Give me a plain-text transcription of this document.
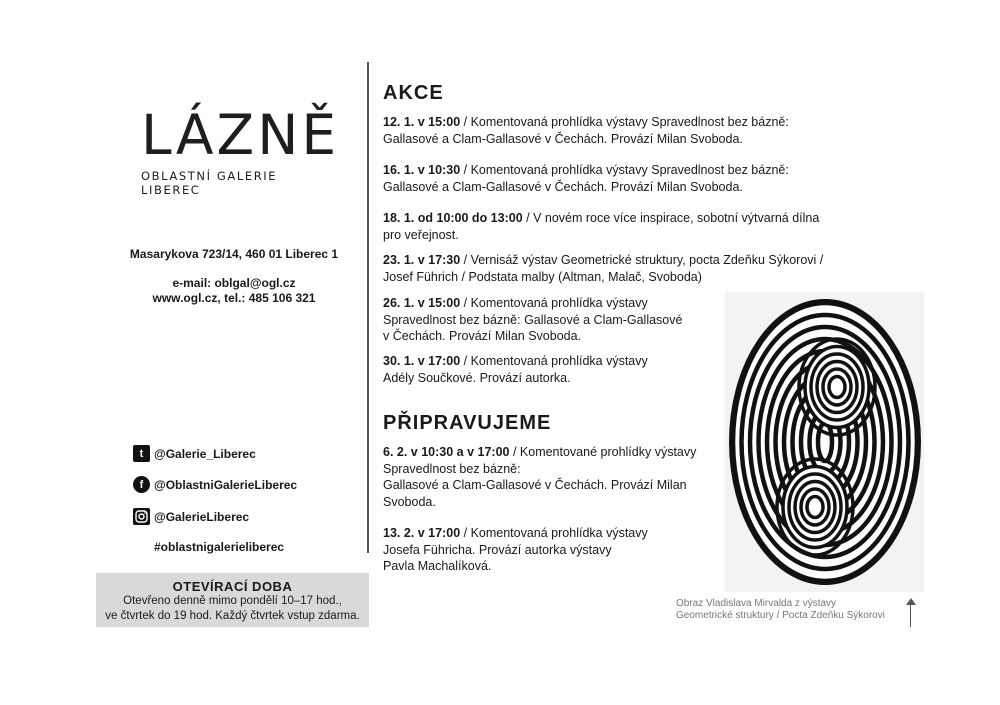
LÁZNĚ
OBLASTNÍ GALERIE LIBEREC
Masarykova 723/14, 460 01 Liberec 1
e-mail: oblgal@ogl.cz
www.ogl.cz, tel.: 485 106 321
t @Galerie_Liberec
f @OblastniGalerieLiberec
@GalerieLiberec
#oblastnigalerieliberec
OTEVÍRACÍ DOBA
Otevřeno denně mimo pondělí 10–17 hod.,
ve čtvrtek do 19 hod. Každý čtvrtek vstup zdarma.
AKCE
12. 1. v 15:00 / Komentovaná prohlídka výstavy Spravedlnost bez bázně:
Gallasové a Clam-Gallasové v Čechách. Provází Milan Svoboda.
16. 1. v 10:30 / Komentovaná prohlídka výstavy Spravedlnost bez bázně:
Gallasové a Clam-Gallasové v Čechách. Provází Milan Svoboda.
18. 1. od 10:00 do 13:00 / V novém roce více inspirace, sobotní výtvarná dílna
pro veřejnost.
23. 1. v 17:30 / Vernisáž výstav Geometrické struktury, pocta Zdeňku Sýkorovi /
Josef Führich / Podstata malby (Altman, Malač, Svoboda)
26. 1. v 15:00 / Komentovaná prohlídka výstavy
Spravedlnost bez bázně: Gallasové a Clam-Gallasové
v Čechách. Provází Milan Svoboda.
30. 1. v 17:00 / Komentovaná prohlídka výstavy
Adély Součkové. Provází autorka.
PŘIPRAVUJEME
6. 2. v 10:30 a v 17:00 / Komentované prohlídky výstavy
Spravedlnost bez bázně:
Gallasové a Clam-Gallasové v Čechách. Provází Milan
Svoboda.
13. 2. v 17:00 / Komentovaná prohlídka výstavy
Josefa Führicha. Provází autorka výstavy
Pavla Machalíková.
Obraz Vladislava Mirvalda z výstavy
Geometrické struktury / Pocta Zdeňku Sýkorovi
